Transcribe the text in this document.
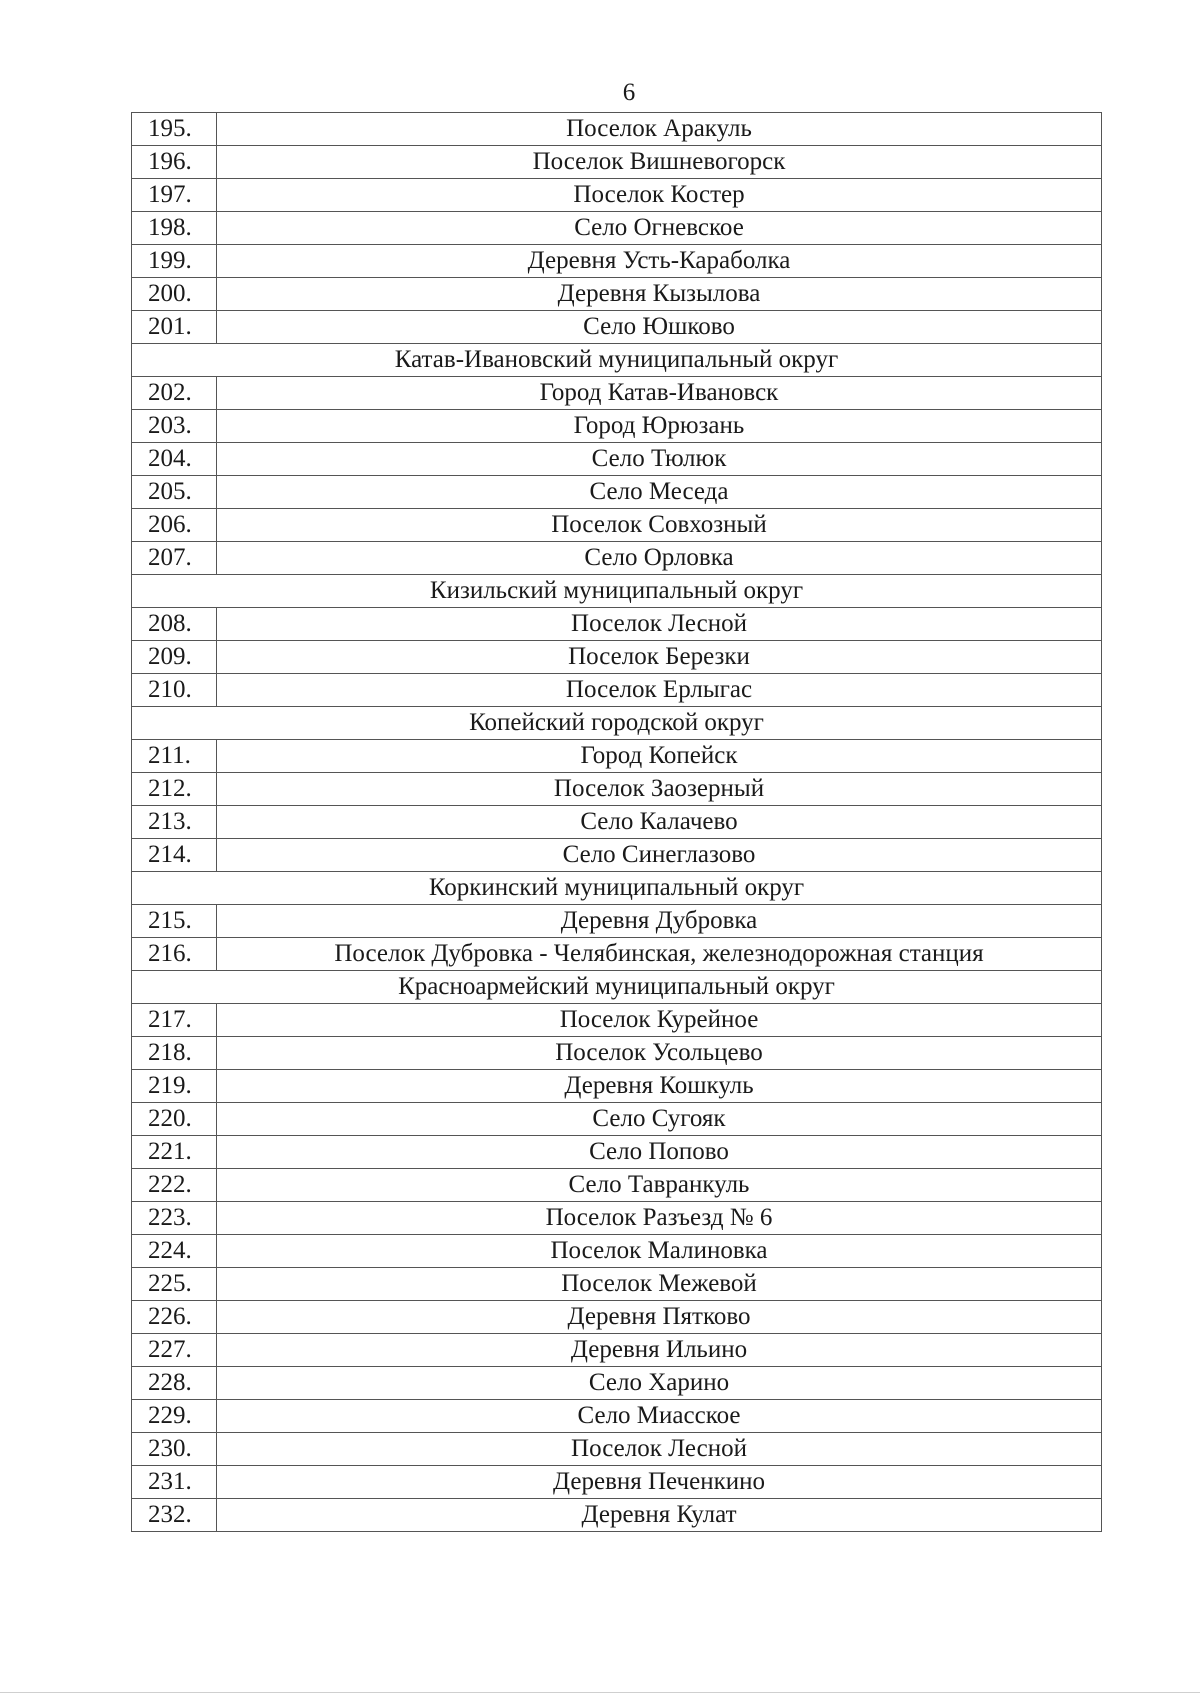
6
195.	Поселок Аракуль
196.	Поселок Вишневогорск
197.	Поселок Костер
198.	Село Огневское
199.	Деревня Усть-Караболка
200.	Деревня Кызылова
201.	Село Юшково
Катав-Ивановский муниципальный округ	
202.	Город Катав-Ивановск
203.	Город Юрюзань
204.	Село Тюлюк
205.	Село Меседа
206.	Поселок Совхозный
207.	Село Орловка
Кизильский муниципальный округ	
208.	Поселок Лесной
209.	Поселок Березки
210.	Поселок Ерлыгас
Копейский городской округ	
211.	Город Копейск
212.	Поселок Заозерный
213.	Село Калачево
214.	Село Синеглазово
Коркинский муниципальный округ	
215.	Деревня Дубровка
216.	Поселок Дубровка - Челябинская, железнодорожная станция
Красноармейский муниципальный округ	
217.	Поселок Курейное
218.	Поселок Усольцево
219.	Деревня Кошкуль
220.	Село Сугояк
221.	Село Попово
222.	Село Тавранкуль
223.	Поселок Разъезд № 6
224.	Поселок Малиновка
225.	Поселок Межевой
226.	Деревня Пятково
227.	Деревня Ильино
228.	Село Харино
229.	Село Миасское
230.	Поселок Лесной
231.	Деревня Печенкино
232.	Деревня Кулат
